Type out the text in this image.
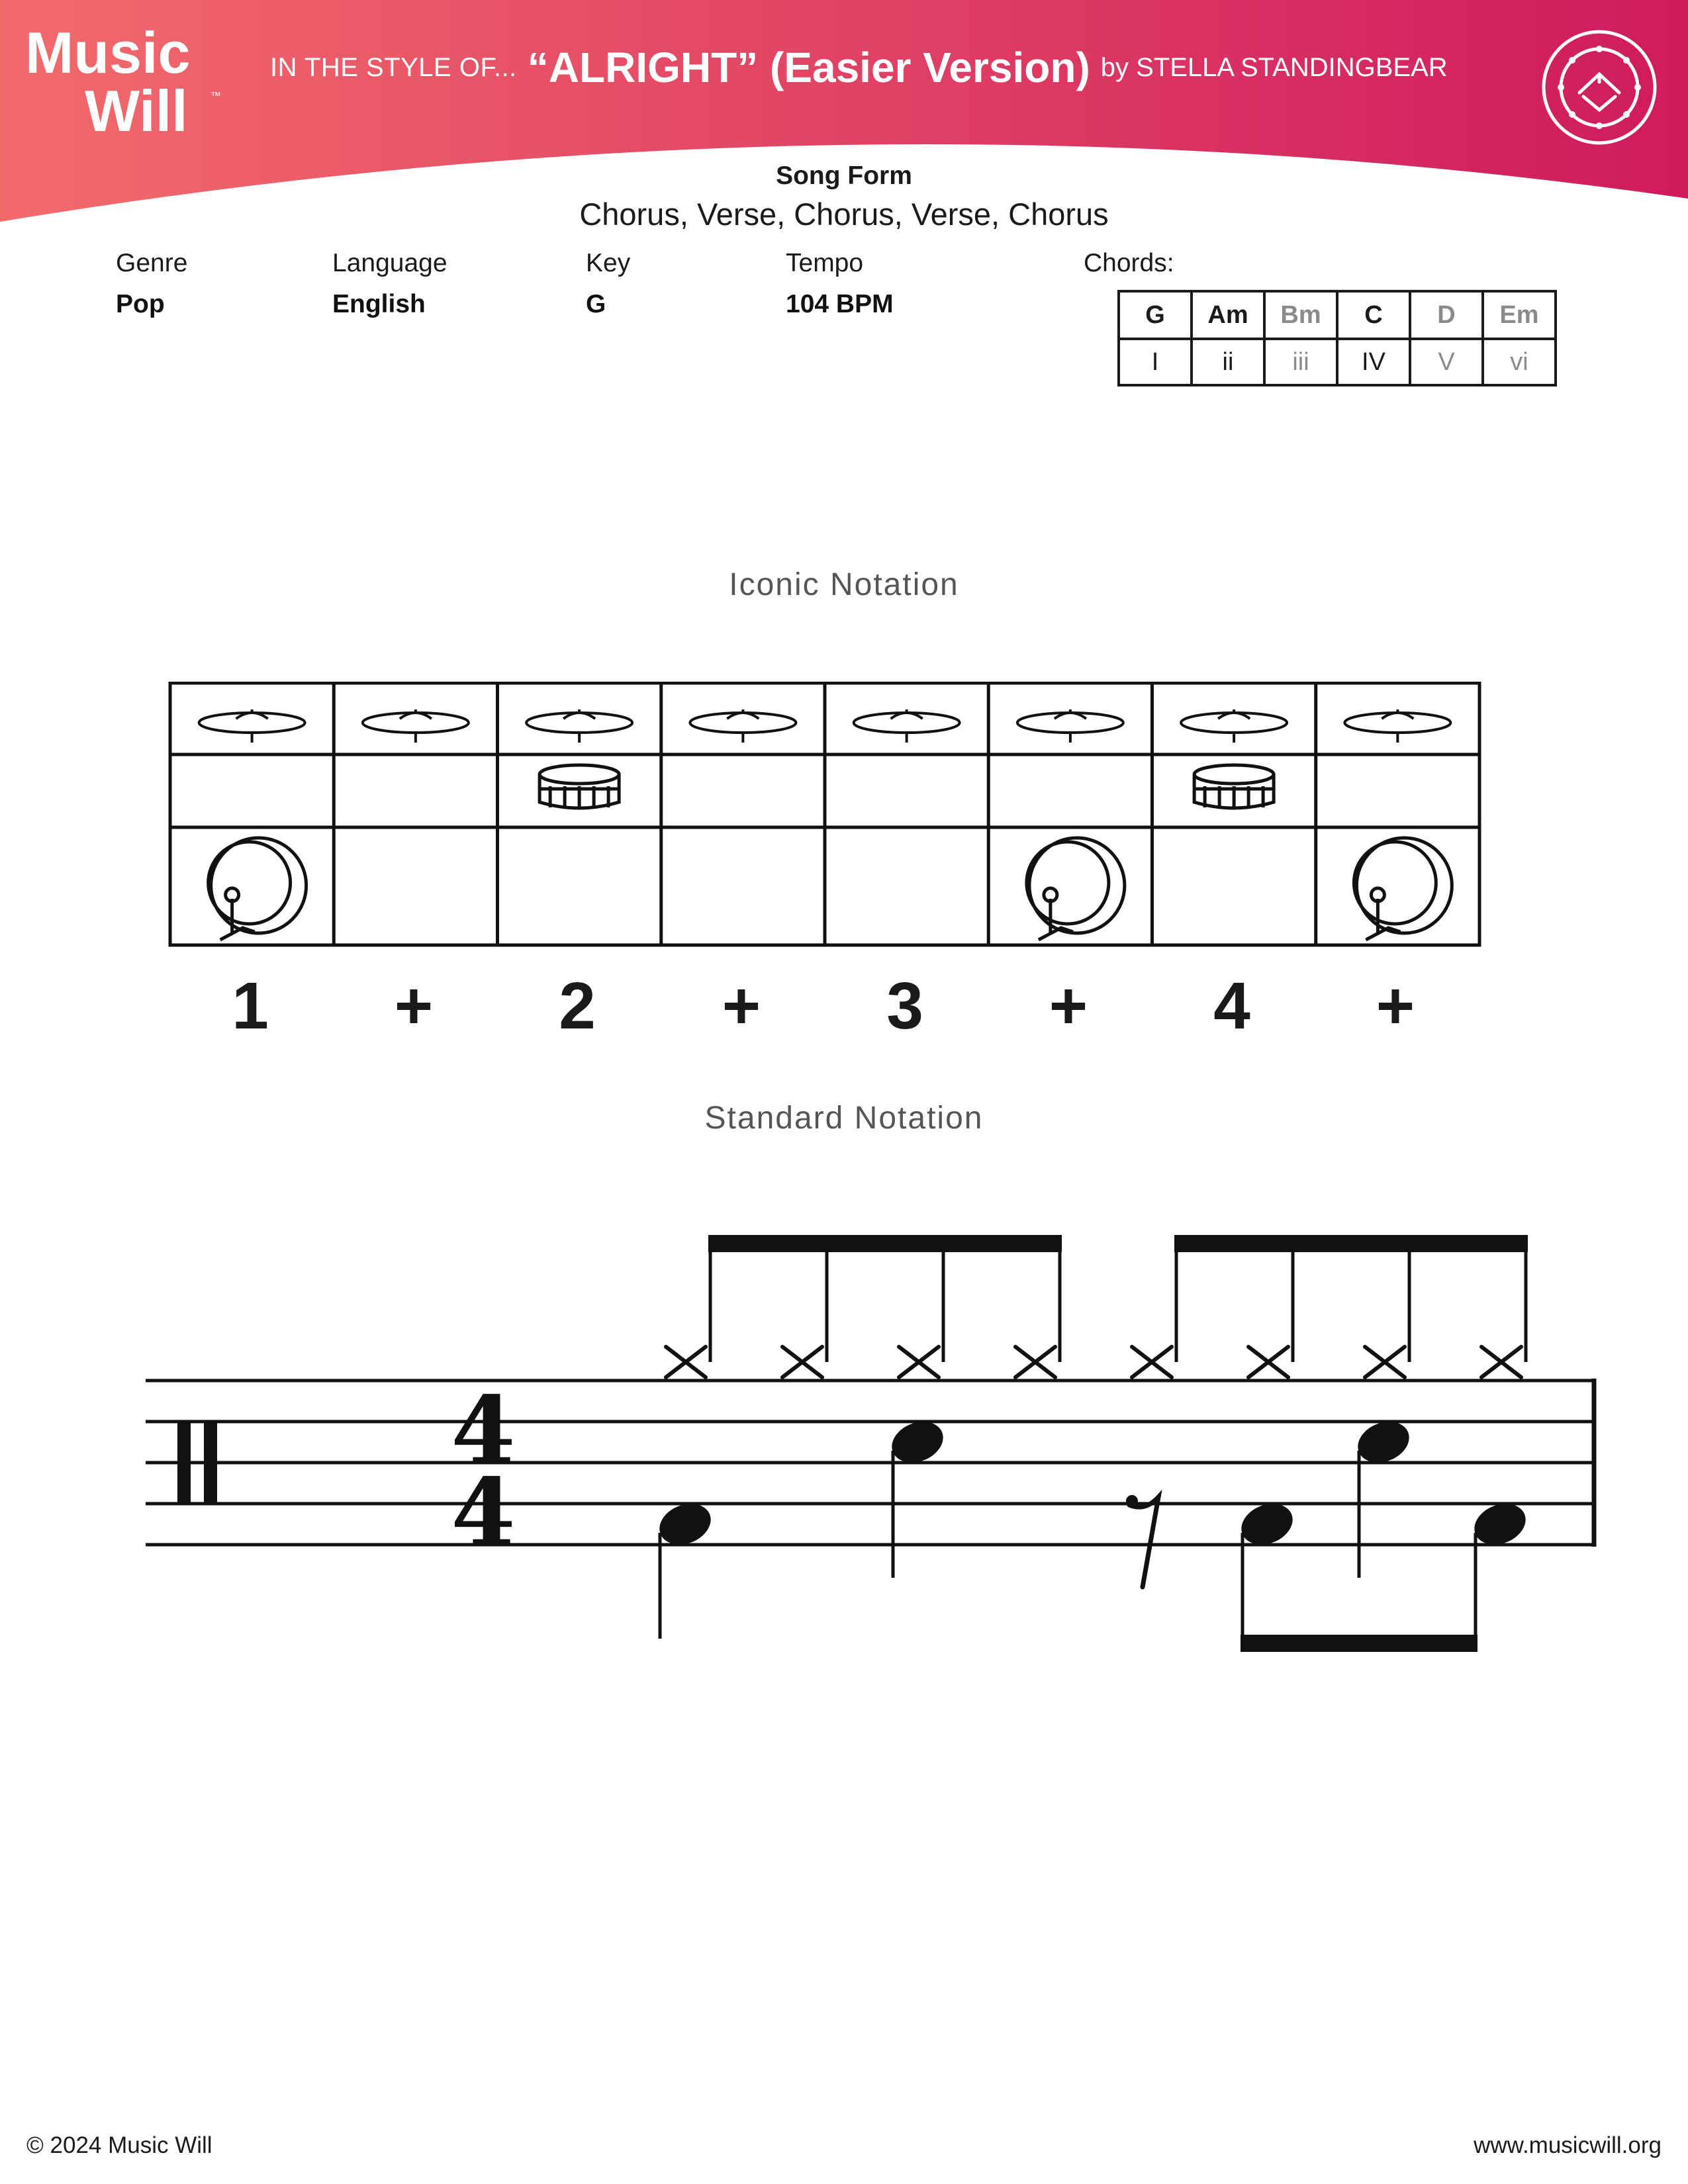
Music
Will ™
IN THE STYLE OF... “ALRIGHT” (Easier Version) by STELLA STANDINGBEAR
Song Form
Chorus, Verse, Chorus, Verse, Chorus
Genre
Pop
Language
English
Key
G
Tempo
104 BPM
Chords:
G	Am	Bm	C	D	Em
I	ii	iii	IV	V	vi
Iconic Notation
1	+	2	+	3	+	4	+
Standard Notation
4
4
© 2024 Music Will	www.musicwill.org
